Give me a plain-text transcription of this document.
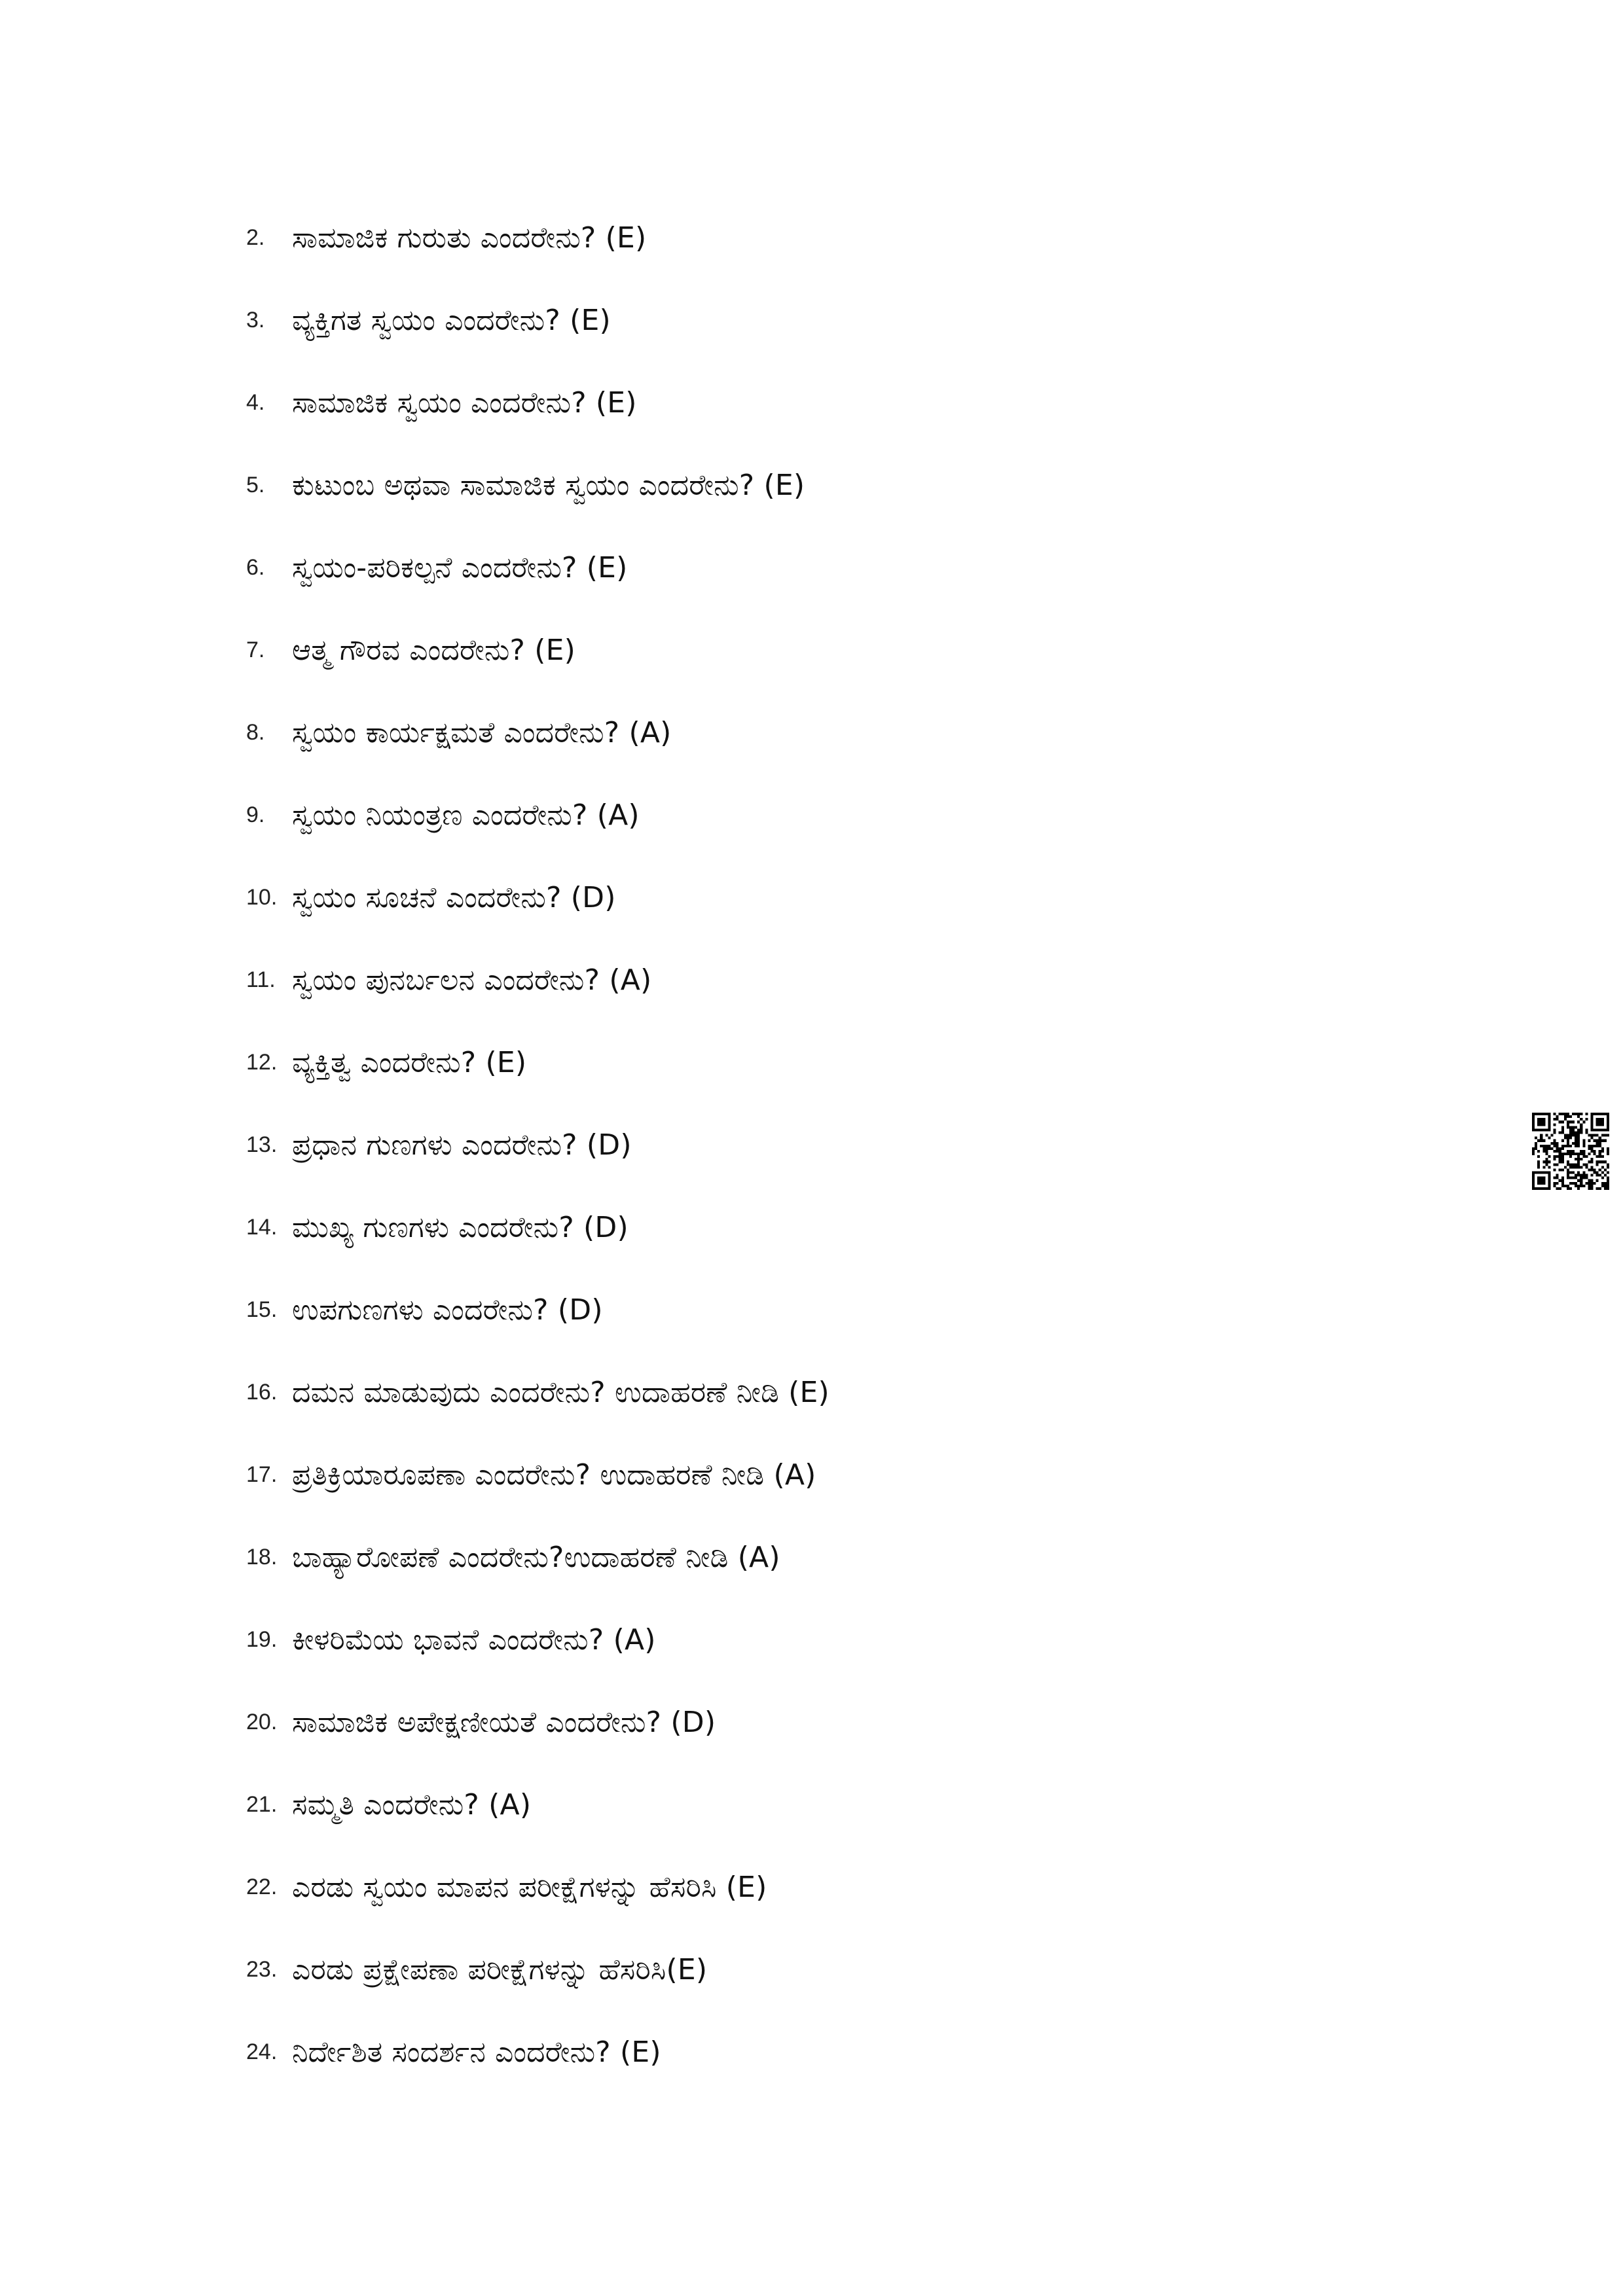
2. ಸಾಮಾಜಿಕ ಗುರುತು ಎಂದರೇನು? (E)
3. ವ್ಯಕ್ತಿಗತ ಸ್ವಯಂ ಎಂದರೇನು? (E)
4. ಸಾಮಾಜಿಕ ಸ್ವಯಂ ಎಂದರೇನು? (E)
5. ಕುಟುಂಬ ಅಥವಾ ಸಾಮಾಜಿಕ ಸ್ವಯಂ ಎಂದರೇನು? (E)
6. ಸ್ವಯಂ-ಪರಿಕಲ್ಪನೆ ಎಂದರೇನು? (E)
7. ಆತ್ಮ ಗೌರವ ಎಂದರೇನು? (E)
8. ಸ್ವಯಂ ಕಾರ್ಯಕ್ಷಮತೆ ಎಂದರೇನು? (A)
9. ಸ್ವಯಂ ನಿಯಂತ್ರಣ ಎಂದರೇನು? (A)
10. ಸ್ವಯಂ ಸೂಚನೆ ಎಂದರೇನು? (D)
11. ಸ್ವಯಂ ಪುನರ್ಬಲನ ಎಂದರೇನು? (A)
12. ವ್ಯಕ್ತಿತ್ವ ಎಂದರೇನು? (E)
13. ಪ್ರಧಾನ ಗುಣಗಳು ಎಂದರೇನು? (D)
14. ಮುಖ್ಯ ಗುಣಗಳು ಎಂದರೇನು? (D)
15. ಉಪಗುಣಗಳು ಎಂದರೇನು? (D)
16. ದಮನ ಮಾಡುವುದು ಎಂದರೇನು? ಉದಾಹರಣೆ ನೀಡಿ (E)
17. ಪ್ರತಿಕ್ರಿಯಾರೂಪಣಾ ಎಂದರೇನು? ಉದಾಹರಣೆ ನೀಡಿ (A)
18. ಬಾಹ್ಯಾರೋಪಣೆ ಎಂದರೇನು?ಉದಾಹರಣೆ ನೀಡಿ (A)
19. ಕೀಳರಿಮೆಯ ಭಾವನೆ ಎಂದರೇನು? (A)
20. ಸಾಮಾಜಿಕ ಅಪೇಕ್ಷಣೀಯತೆ ಎಂದರೇನು? (D)
21. ಸಮ್ಮತಿ ಎಂದರೇನು? (A)
22. ಎರಡು ಸ್ವಯಂ ಮಾಪನ ಪರೀಕ್ಷೆಗಳನ್ನು ಹೆಸರಿಸಿ (E)
23. ಎರಡು ಪ್ರಕ್ಷೇಪಣಾ ಪರೀಕ್ಷೆಗಳನ್ನು ಹೆಸರಿಸಿ(E)
24. ನಿರ್ದೇಶಿತ ಸಂದರ್ಶನ ಎಂದರೇನು? (E)
